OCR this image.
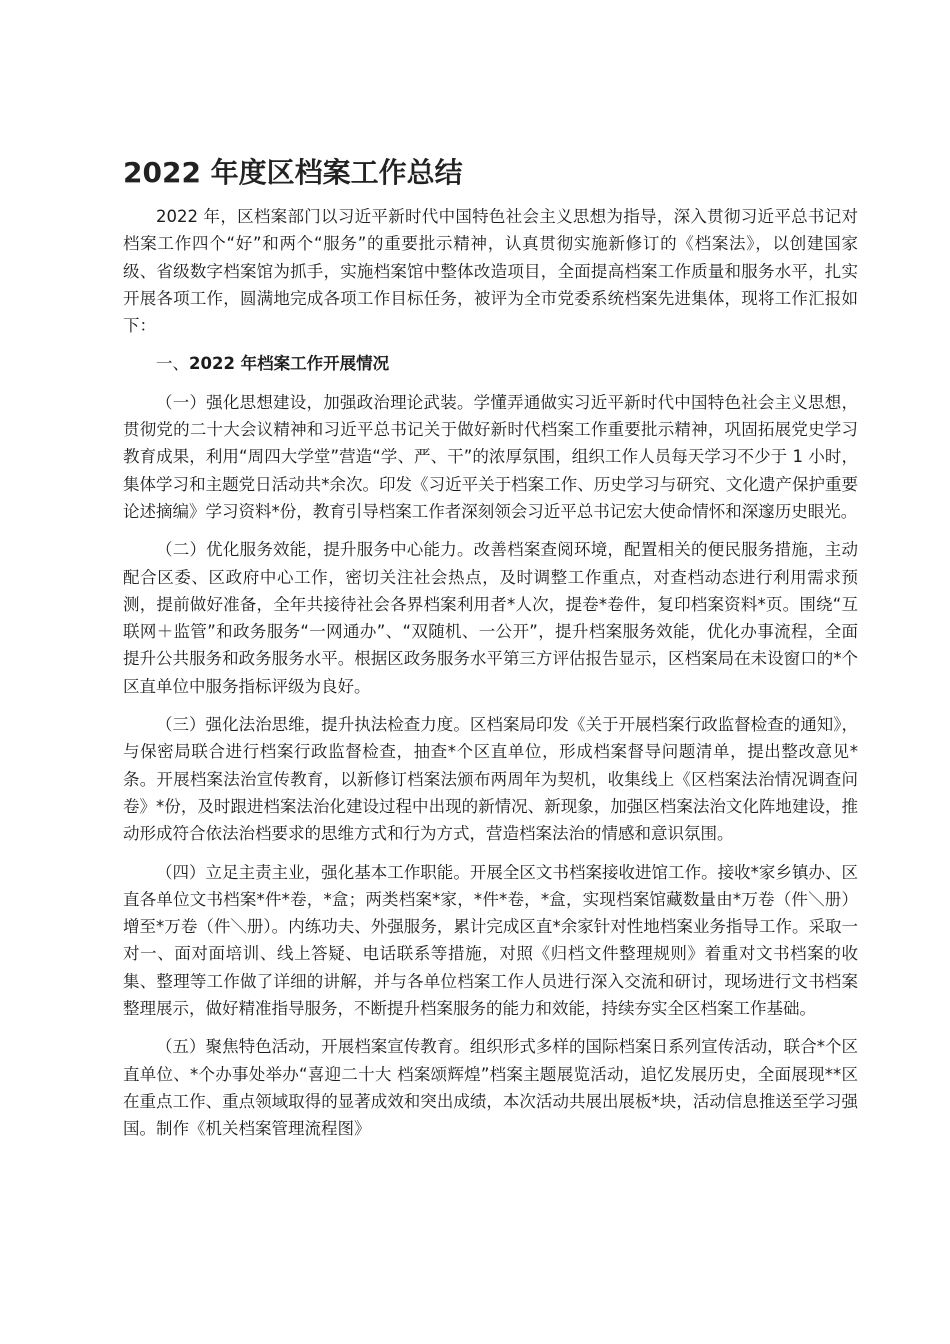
2022 年度区档案工作总结

2022 年，区档案部门以习近平新时代中国特色社会主义思想为指导，深入贯彻习近平总书记对档案工作四个“好”和两个“服务”的重要批示精神，认真贯彻实施新修订的《档案法》，以创建国家级、省级数字档案馆为抓手，实施档案馆中整体改造项目，全面提高档案工作质量和服务水平，扎实开展各项工作，圆满地完成各项工作目标任务，被评为全市党委系统档案先进集体，现将工作汇报如下：

一、2022 年档案工作开展情况

（一）强化思想建设，加强政治理论武装。学懂弄通做实习近平新时代中国特色社会主义思想，贯彻党的二十大会议精神和习近平总书记关于做好新时代档案工作重要批示精神，巩固拓展党史学习教育成果，利用“周四大学堂”营造“学、严、干”的浓厚氛围，组织工作人员每天学习不少于 1 小时，集体学习和主题党日活动共*余次。印发《习近平关于档案工作、历史学习与研究、文化遗产保护重要论述摘编》学习资料*份，教育引导档案工作者深刻领会习近平总书记宏大使命情怀和深邃历史眼光。

（二）优化服务效能，提升服务中心能力。改善档案查阅环境，配置相关的便民服务措施，主动配合区委、区政府中心工作，密切关注社会热点，及时调整工作重点，对查档动态进行利用需求预测，提前做好准备，全年共接待社会各界档案利用者*人次，提卷*卷件，复印档案资料*页。围绕“互联网＋监管”和政务服务“一网通办”、“双随机、一公开”，提升档案服务效能，优化办事流程，全面提升公共服务和政务服务水平。根据区政务服务水平第三方评估报告显示，区档案局在未设窗口的*个区直单位中服务指标评级为良好。

（三）强化法治思维，提升执法检查力度。区档案局印发《关于开展档案行政监督检查的通知》，与保密局联合进行档案行政监督检查，抽查*个区直单位，形成档案督导问题清单，提出整改意见*条。开展档案法治宣传教育，以新修订档案法颁布两周年为契机，收集线上《区档案法治情况调查问卷》*份，及时跟进档案法治化建设过程中出现的新情况、新现象，加强区档案法治文化阵地建设，推动形成符合依法治档要求的思维方式和行为方式，营造档案法治的情感和意识氛围。

（四）立足主责主业，强化基本工作职能。开展全区文书档案接收进馆工作。接收*家乡镇办、区直各单位文书档案*件*卷，*盒；两类档案*家，*件*卷，*盒，实现档案馆藏数量由*万卷（件＼册）增至*万卷（件＼册）。内练功夫、外强服务，累计完成区直*余家针对性地档案业务指导工作。采取一对一、面对面培训、线上答疑、电话联系等措施，对照《归档文件整理规则》着重对文书档案的收集、整理等工作做了详细的讲解，并与各单位档案工作人员进行深入交流和研讨，现场进行文书档案整理展示，做好精准指导服务，不断提升档案服务的能力和效能，持续夯实全区档案工作基础。

（五）聚焦特色活动，开展档案宣传教育。组织形式多样的国际档案日系列宣传活动，联合*个区直单位、*个办事处举办“喜迎二十大 档案颂辉煌”档案主题展览活动，追忆发展历史，全面展现**区在重点工作、重点领域取得的显著成效和突出成绩，本次活动共展出展板*块，活动信息推送至学习强国。制作《机关档案管理流程图》
